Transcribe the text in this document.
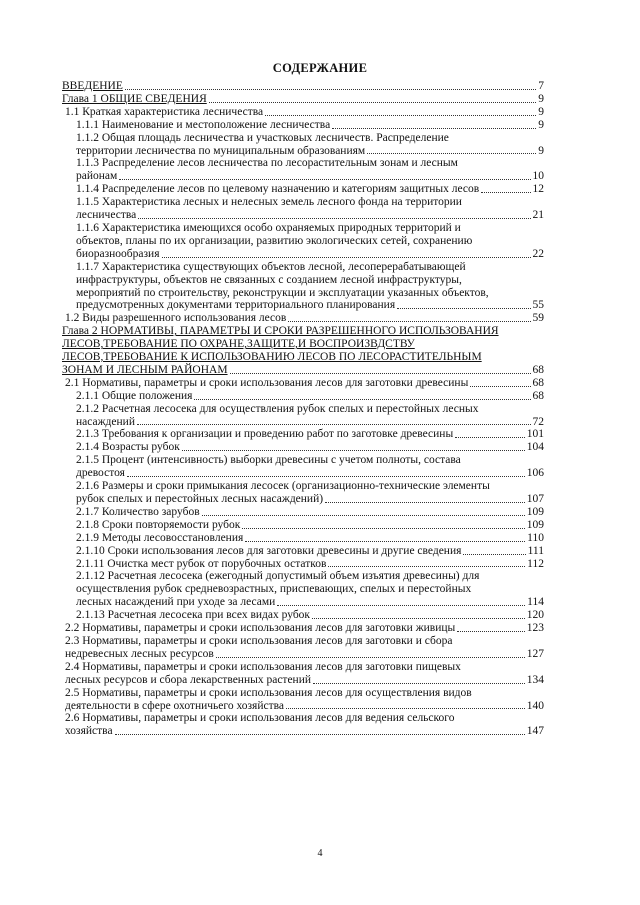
СОДЕРЖАНИЕ
ВВЕДЕНИЕ	7
Глава 1 ОБЩИЕ СВЕДЕНИЯ	9
1.1 Краткая характеристика лесничества	9
1.1.1 Наименование и местоположение лесничества	9
1.1.2 Общая площадь лесничества и участковых лесничеств. Распределение
территории лесничества по муниципальным образованиям	9
1.1.3 Распределение лесов лесничества по лесорастительным зонам и лесным
районам	10
1.1.4 Распределение лесов по целевому назначению и категориям защитных лесов	12
1.1.5 Характеристика лесных и нелесных земель лесного фонда на территории
лесничества	21
1.1.6 Характеристика имеющихся особо охраняемых природных территорий и
объектов, планы по их организации, развитию экологических сетей, сохранению
биоразнообразия	22
1.1.7 Характеристика существующих объектов лесной, лесоперерабатывающей
инфраструктуры, объектов не связанных с созданием лесной инфраструктуры,
мероприятий по строительству, реконструкции и эксплуатации указанных объектов,
предусмотренных документами территориального планирования	55
1.2 Виды разрешенного использования лесов	59
Глава 2 НОРМАТИВЫ, ПАРАМЕТРЫ И СРОКИ РАЗРЕШЕННОГО ИСПОЛЬЗОВАНИЯ
ЛЕСОВ,ТРЕБОВАНИЕ ПО ОХРАНЕ,ЗАЩИТЕ,И ВОСПРОИЗВДСТВУ
ЛЕСОВ,ТРЕБОВАНИЕ К ИСПОЛЬЗОВАНИЮ ЛЕСОВ ПО ЛЕСОРАСТИТЕЛЬНЫМ
ЗОНАМ И ЛЕСНЫМ РАЙОНАМ	68
2.1 Нормативы, параметры и сроки использования лесов для заготовки древесины	68
2.1.1 Общие положения	68
2.1.2 Расчетная лесосека для осуществления рубок спелых и перестойных лесных
насаждений	72
2.1.3 Требования к организации и проведению работ по заготовке древесины	101
2.1.4 Возрасты рубок	104
2.1.5 Процент (интенсивность) выборки древесины с учетом полноты, состава
древостоя	106
2.1.6 Размеры и сроки примыкания лесосек (организационно-технические элементы
рубок спелых и перестойных лесных насаждений)	107
2.1.7 Количество зарубов	109
2.1.8 Сроки повторяемости рубок	109
2.1.9 Методы лесовосстановления	110
2.1.10 Сроки использования лесов для заготовки древесины и другие сведения	111
2.1.11 Очистка мест рубок от порубочных остатков	112
2.1.12 Расчетная лесосека (ежегодный допустимый объем изъятия древесины) для
осуществления рубок средневозрастных, приспевающих, спелых и перестойных
лесных насаждений при уходе за лесами	114
2.1.13 Расчетная лесосека при всех видах рубок	120
2.2 Нормативы, параметры и сроки использования лесов для заготовки живицы	123
2.3 Нормативы, параметры и сроки использования лесов для заготовки и сбора
недревесных лесных ресурсов	127
2.4 Нормативы, параметры и сроки использования лесов для заготовки пищевых
лесных ресурсов и сбора лекарственных растений	134
2.5 Нормативы, параметры и сроки использования лесов для осуществления видов
деятельности в сфере охотничьего хозяйства	140
2.6 Нормативы, параметры и сроки использования лесов для ведения сельского
хозяйства	147
4
